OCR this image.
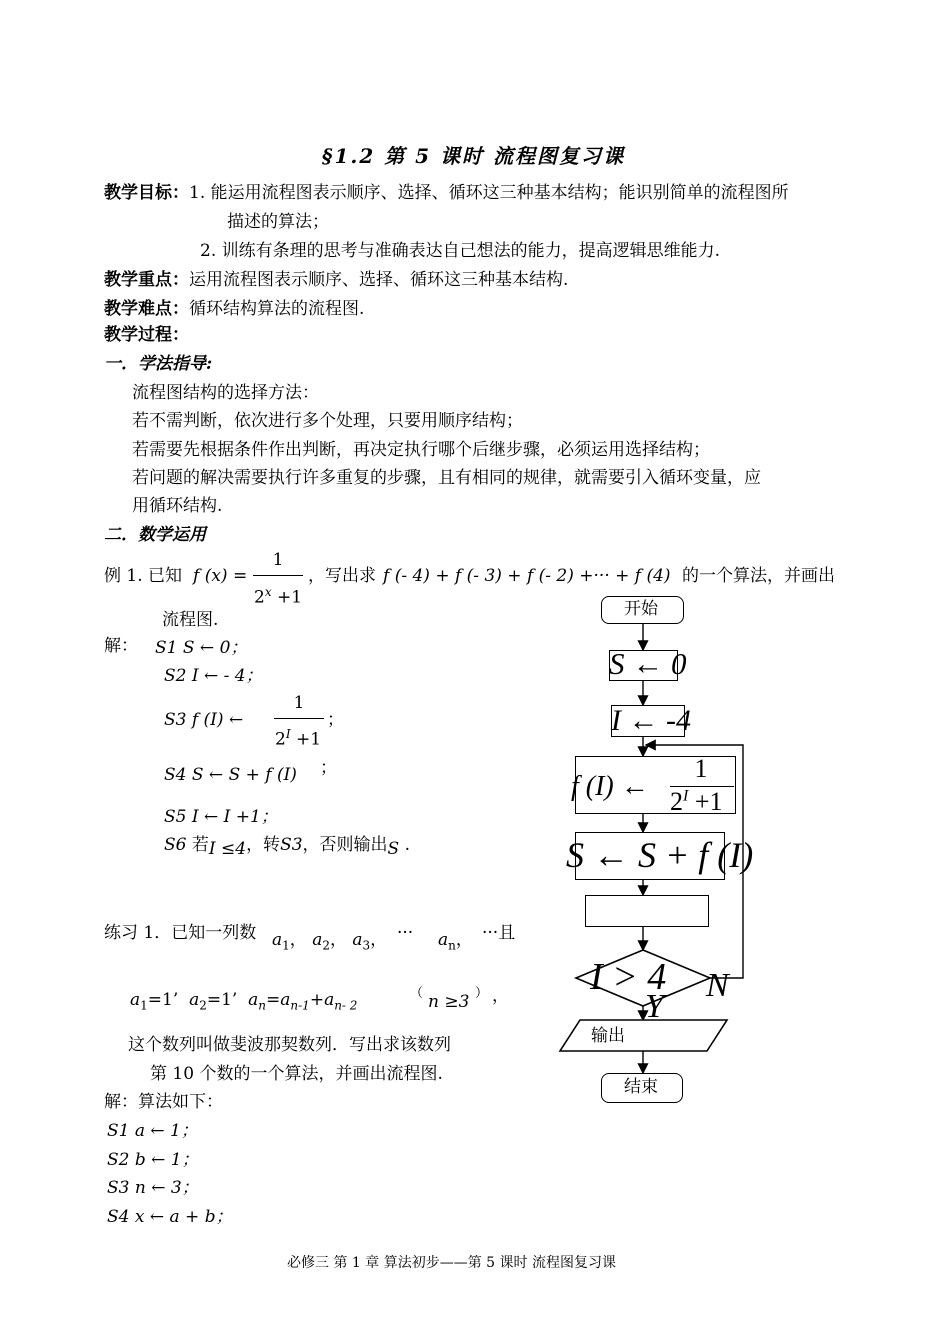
§1.2 第 5 课时 流程图复习课
教学目标：1. 能运用流程图表示顺序、选择、循环这三种基本结构；能识别简单的流程图所
描述的算法；
2. 训练有条理的思考与准确表达自己想法的能力，提高逻辑思维能力.
教学重点：运用流程图表示顺序、选择、循环这三种基本结构.
教学难点：循环结构算法的流程图.
教学过程：
一．学法指导:
流程图结构的选择方法：
若不需判断，依次进行多个处理，只要用顺序结构；
若需要先根据条件作出判断，再决定执行哪个后继步骤，必须运用选择结构；
若问题的解决需要执行许多重复的步骤，且有相同的规律，就需要引入循环变量，应
用循环结构.
二．数学运用
例 1. 已知 f (x) =
1
$2^x +1$
，写出求 f (- 4) + f (- 3) + f (- 2) +··· + f (4) 的一个算法，并画出
流程图.
解： S1 S ← 0；
S2 I ← - 4；
S3 f (I) ←
1
$2^I +1$
；
S4 S ← S + f (I) ；
S5 I ← I +1；
S6 若I ≤4，转S3，否则输出S .
练习 1．已知一列数 $a_1$， $a_2$， $a_3$， ··· $a_n$， ···且
$a_1=1$’  $a_2=1$’  $a_n=a_{n-1}+a_{n- 2}$
（ n ≥3 ） ，
这个数列叫做斐波那契数列．写出求该数列
第 10 个数的一个算法，并画出流程图.
解：算法如下：
S1 a ← 1；
S2 b ← 1；
S3 n ← 3；
S4 x ← a + b；
开始
S ← 0
I ← -4
f (I) ←
1
$2^I +1$
S ← S + f (I)
I > 4 N
Y
输出
结束
必修三 第 1 章 算法初步——第 5 课时 流程图复习课
